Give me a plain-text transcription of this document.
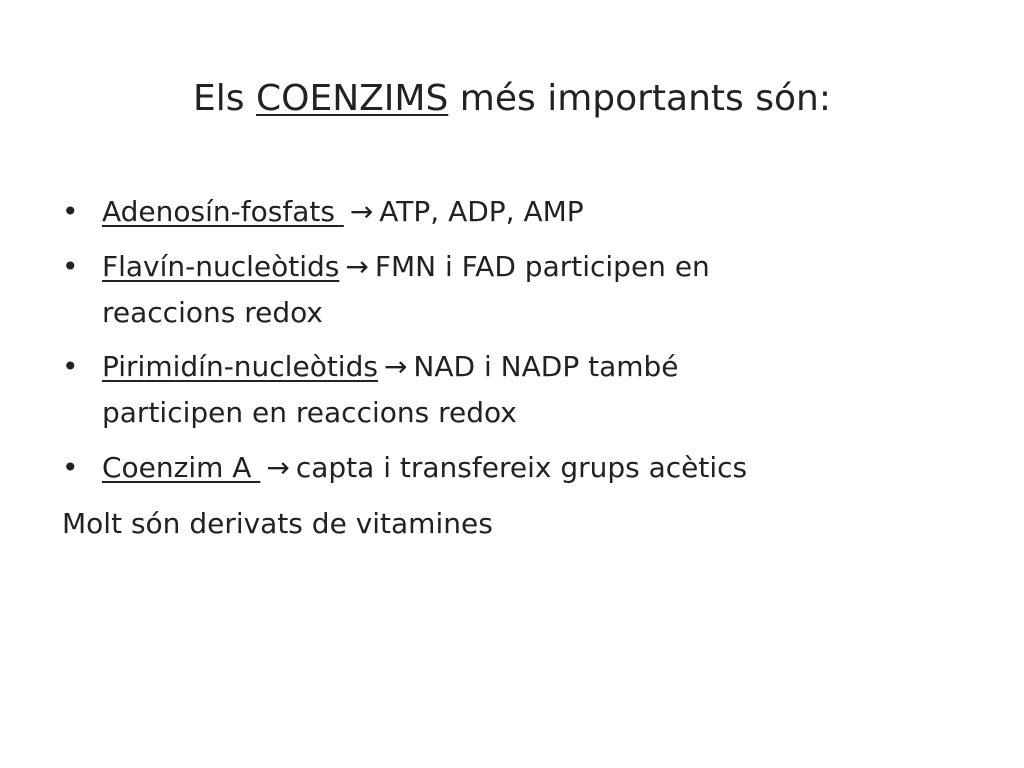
Els COENZIMS més importants són:
• Adenosín-fosfats → ATP, ADP, AMP
• Flavín-nucleòtids → FMN i FAD participen en
reaccions redox
• Pirimidín-nucleòtids → NAD i NADP també
participen en reaccions redox
• Coenzim A → capta i transfereix grups acètics
Molt són derivats de vitamines
